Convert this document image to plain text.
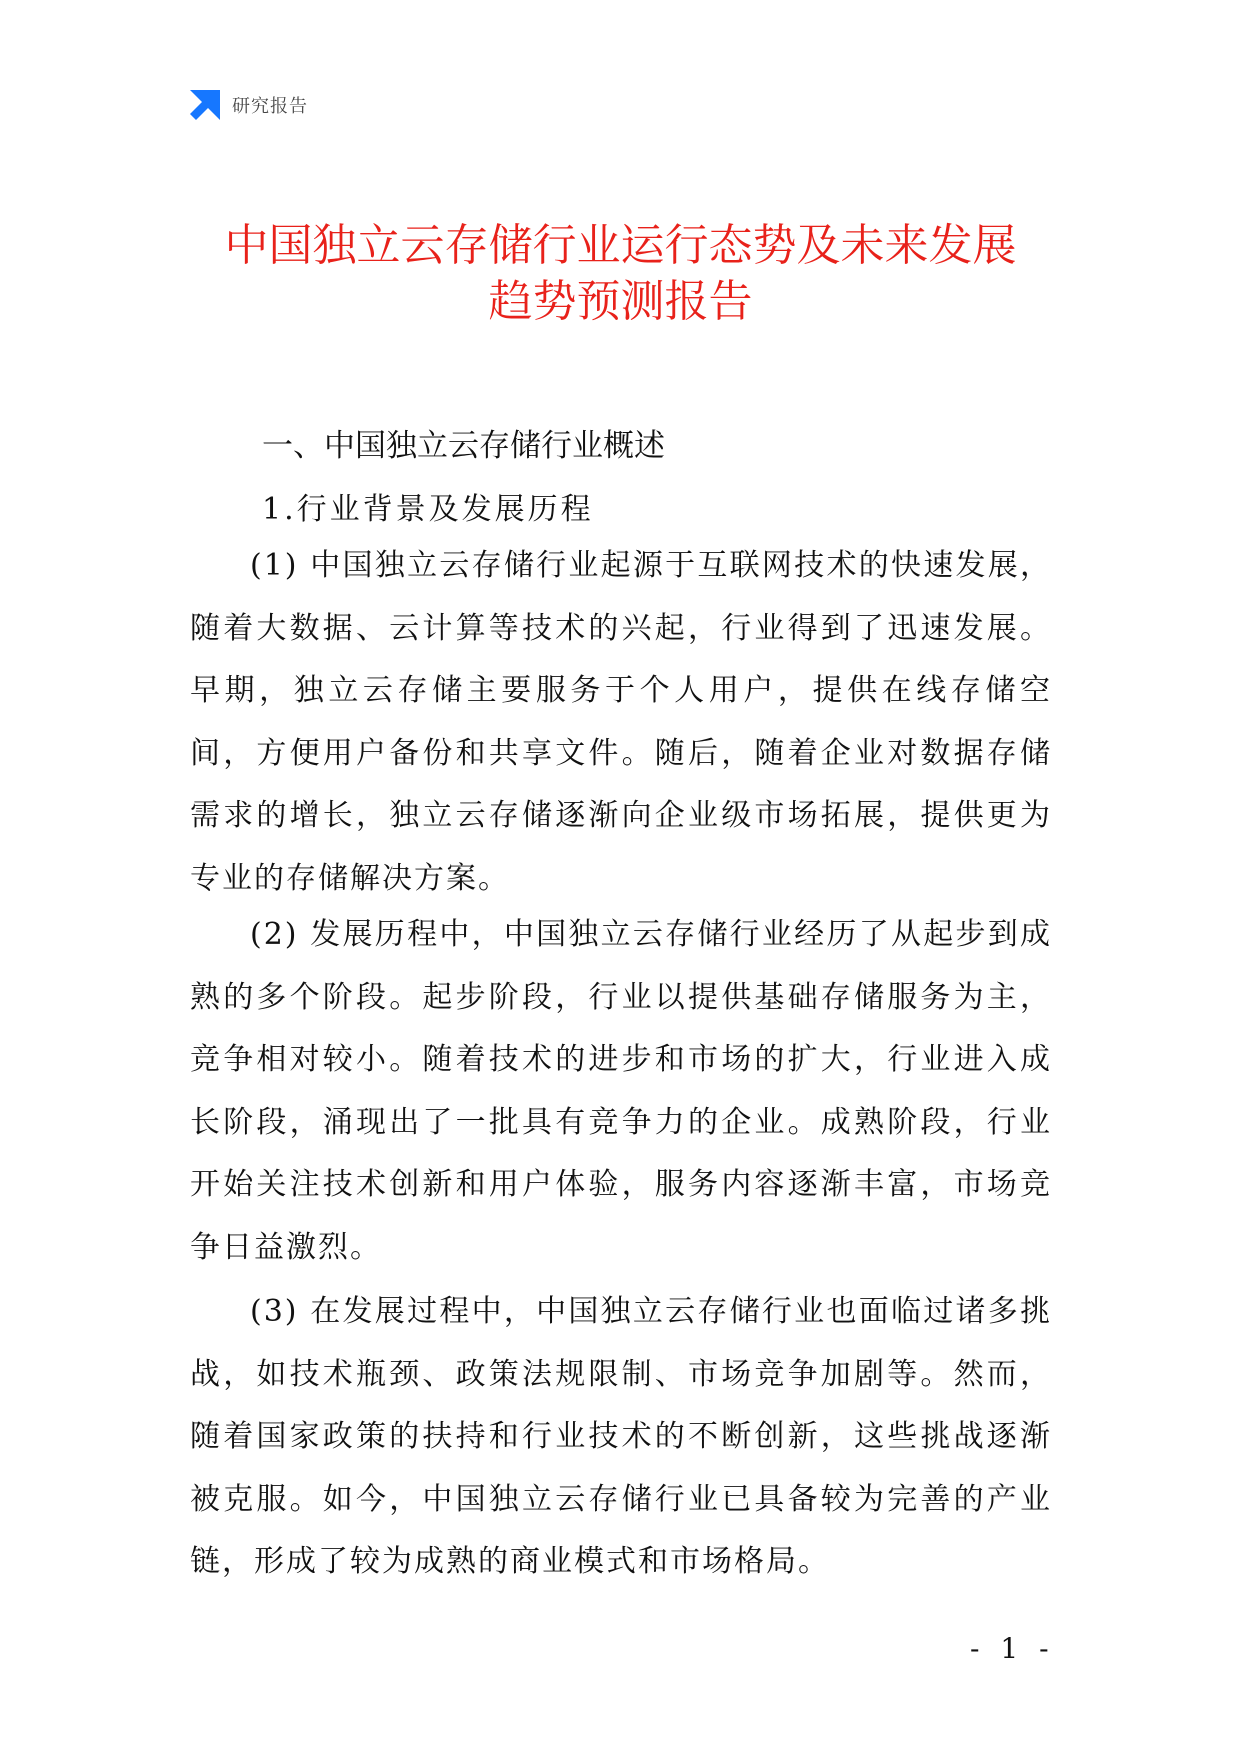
研究报告
中国独立云存储行业运行态势及未来发展
趋势预测报告
一、中国独立云存储行业概述
1.行业背景及发展历程

(1) 中国独立云存储行业起源于互联网技术的快速发展，随着大数据、云计算等技术的兴起，行业得到了迅速发展。早期，独立云存储主要服务于个人用户，提供在线存储空间，方便用户备份和共享文件。随后，随着企业对数据存储需求的增长，独立云存储逐渐向企业级市场拓展，提供更为专业的存储解决方案。

(2) 发展历程中，中国独立云存储行业经历了从起步到成熟的多个阶段。起步阶段，行业以提供基础存储服务为主，竞争相对较小。随着技术的进步和市场的扩大，行业进入成长阶段，涌现出了一批具有竞争力的企业。成熟阶段，行业开始关注技术创新和用户体验，服务内容逐渐丰富，市场竞争日益激烈。

(3) 在发展过程中，中国独立云存储行业也面临过诸多挑战，如技术瓶颈、政策法规限制、市场竞争加剧等。然而，随着国家政策的扶持和行业技术的不断创新，这些挑战逐渐被克服。如今，中国独立云存储行业已具备较为完善的产业链，形成了较为成熟的商业模式和市场格局。

- 1 -
